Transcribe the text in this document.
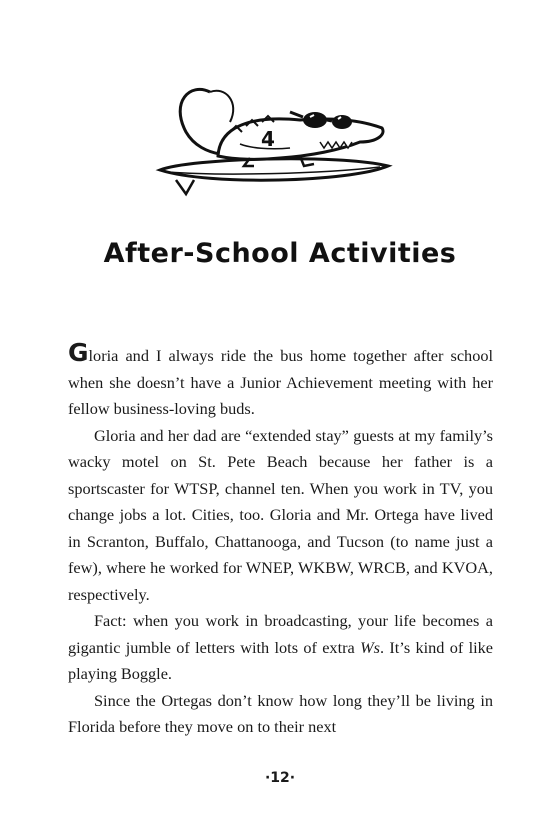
4
After-School Activities

Gloria and I always ride the bus home together after school when she doesn’t have a Junior Achievement meeting with her fellow business-loving buds.

Gloria and her dad are “extended stay” guests at my family’s wacky motel on St. Pete Beach because her father is a sportscaster for WTSP, channel ten. When you work in TV, you change jobs a lot. Cities, too. Gloria and Mr. Ortega have lived in Scranton, Buffalo, Chattanooga, and Tucson (to name just a few), where he worked for WNEP, WKBW, WRCB, and KVOA, respectively.

Fact: when you work in broadcasting, your life becomes a gigantic jumble of letters with lots of extra Ws. It’s kind of like playing Boggle.

Since the Ortegas don’t know how long they’ll be living in Florida before they move on to their next

·12·
